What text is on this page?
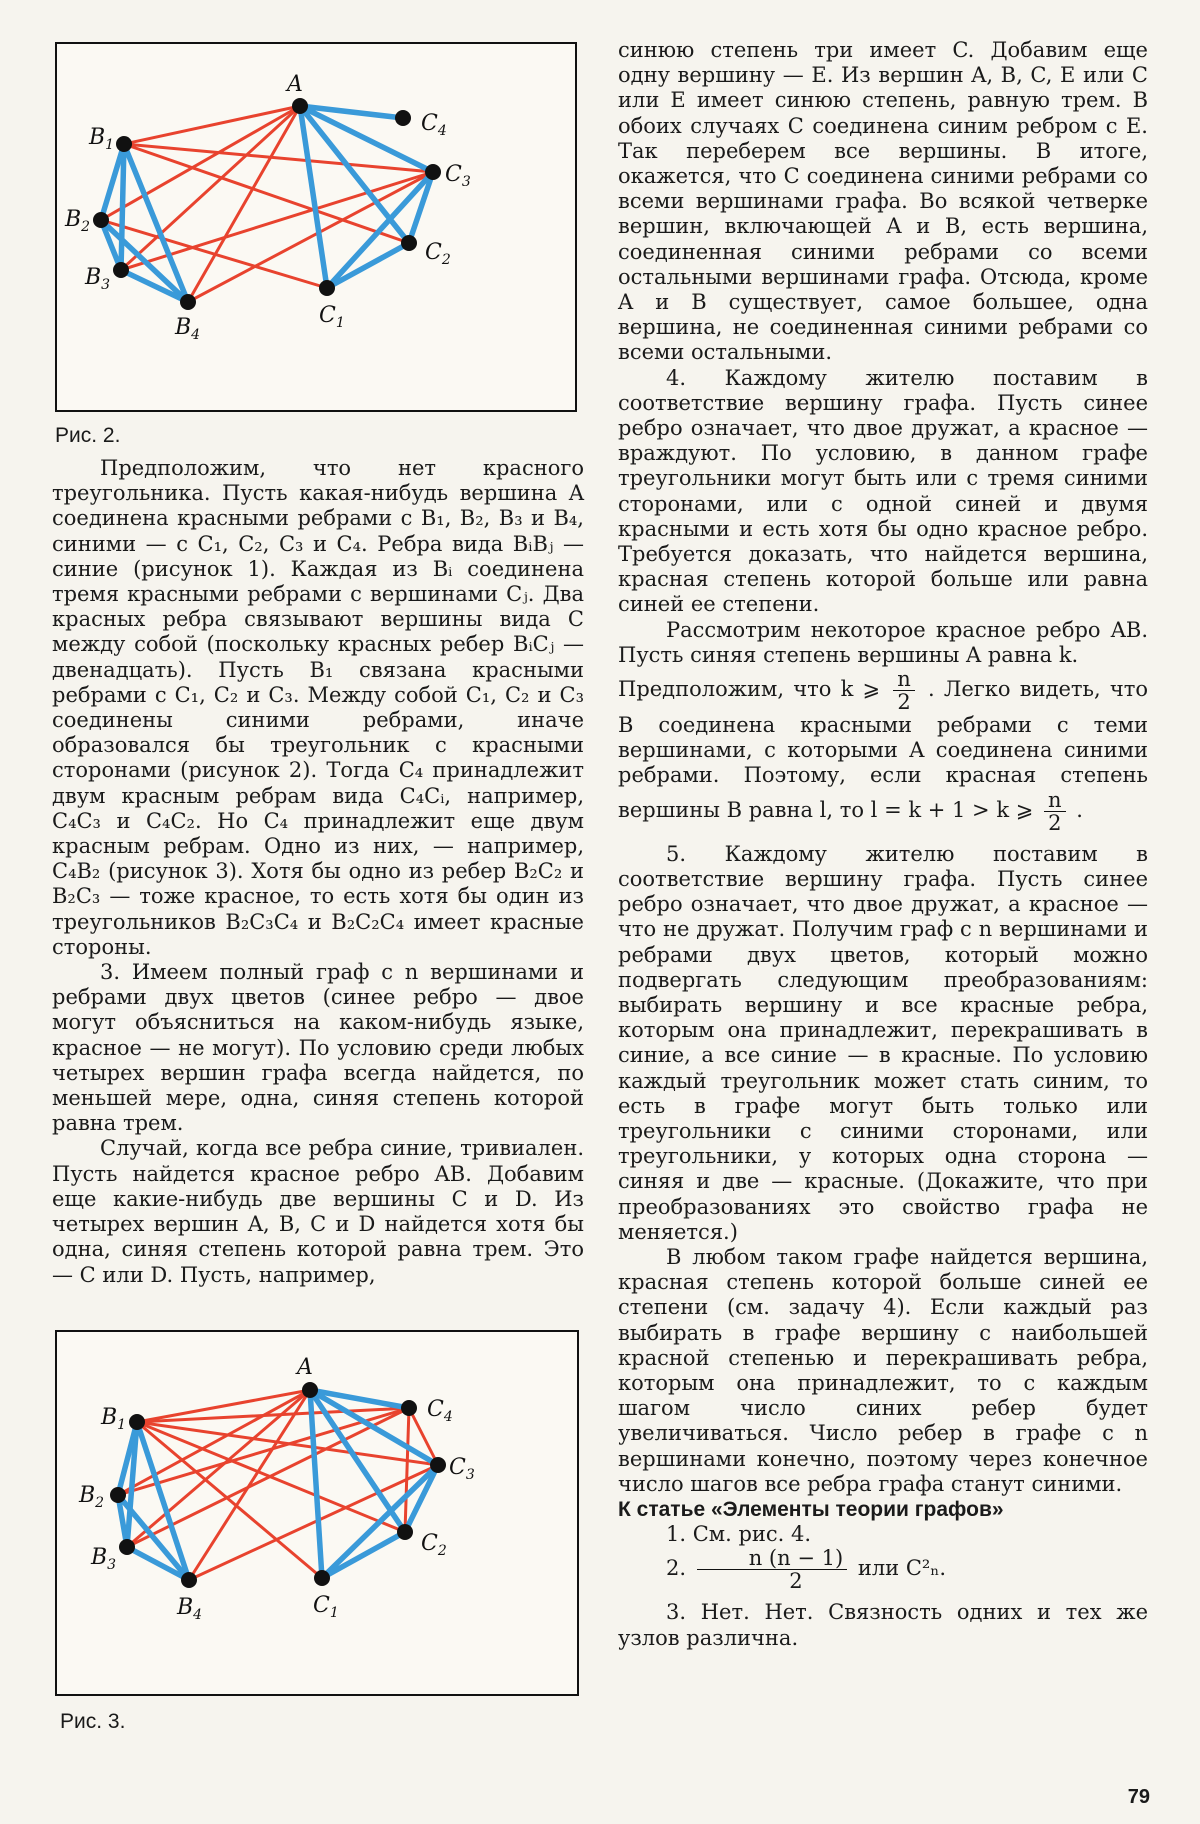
A
$B_1$
$B_2$
$B_3$
$B_4$
$C_1$
$C_2$
$C_3$
$C_4$
Рис. 2.

Предположим, что нет красного треугольника. Пусть какая-нибудь вершина A соединена красными ребрами с B₁, B₂, B₃ и B₄, синими — с C₁, C₂, C₃ и C₄. Ребра вида BᵢBⱼ — синие (рисунок 1). Каждая из Bᵢ соединена тремя красными ребрами с вершинами Cⱼ. Два красных ребра связывают вершины вида C между собой (поскольку красных ребер BᵢCⱼ — двенадцать). Пусть B₁ связана красными ребрами с C₁, C₂ и C₃. Между собой C₁, C₂ и C₃ соединены синими ребрами, иначе образовался бы треугольник с красными сторонами (рисунок 2). Тогда C₄ принадлежит двум красным ребрам вида C₄Cᵢ, например, C₄C₃ и C₄C₂. Но C₄ принадлежит еще двум красным ребрам. Одно из них, — например, C₄B₂ (рисунок 3). Хотя бы одно из ребер B₂C₂ и B₂C₃ — тоже красное, то есть хотя бы один из треугольников B₂C₃C₄ и B₂C₂C₄ имеет красные стороны.

3. Имеем полный граф с n вершинами и ребрами двух цветов (синее ребро — двое могут объясниться на каком-нибудь языке, красное — не могут). По условию среди любых четырех вершин графа всегда найдется, по меньшей мере, одна, синяя степень которой равна трем.

Случай, когда все ребра синие, тривиален. Пусть найдется красное ребро AB. Добавим еще какие-нибудь две вершины C и D. Из четырех вершин A, B, C и D найдется хотя бы одна, синяя степень которой равна трем. Это — C или D. Пусть, например,

A
$B_1$
$B_2$
$B_3$
$B_4$	$C_1$
$C_2$
$C_3$
$C_4$
Рис. 3.

синюю степень три имеет C. Добавим еще одну вершину — E. Из вершин A, B, C, E или C или E имеет синюю степень, равную трем. В обоих случаях C соединена синим ребром с E. Так переберем все вершины. В итоге, окажется, что C соединена синими ребрами со всеми вершинами графа. Во всякой четверке вершин, включающей A и B, есть вершина, соединенная синими ребрами со всеми остальными вершинами графа. Отсюда, кроме A и B существует, самое большее, одна вершина, не соединенная синими ребрами со всеми остальными.

4. Каждому жителю поставим в соответствие вершину графа. Пусть синее ребро означает, что двое дружат, а красное — враждуют. По условию, в данном графе треугольники могут быть или с тремя синими сторонами, или с одной синей и двумя красными и есть хотя бы одно красное ребро. Требуется доказать, что найдется вершина, красная степень которой больше или равна синей ее степени.

Рассмотрим некоторое красное ребро AB. Пусть синяя степень вершины A равна k.

Предположим, что k ⩾ $\frac{n}{2}$ . Легко видеть, что B соединена красными ребрами с теми вершинами, с которыми A соединена синими ребрами. Поэтому, если красная степень вершины B равна l, то l = k + 1 > k ⩾ $\frac{n}{2}$ .

5. Каждому жителю поставим в соответствие вершину графа. Пусть синее ребро означает, что двое дружат, а красное — что не дружат. Получим граф с n вершинами и ребрами двух цветов, который можно подвергать следующим преобразованиям: выбирать вершину и все красные ребра, которым она принадлежит, перекрашивать в синие, а все синие — в красные. По условию каждый треугольник может стать синим, то есть в графе могут быть только или треугольники с синими сторонами, или треугольники, у которых одна сторона — синяя и две — красные. (Докажите, что при преобразованиях это свойство графа не меняется.)

В любом таком графе найдется вершина, красная степень которой больше синей ее степени (см. задачу 4). Если каждый раз выбирать в графе вершину с наибольшей красной степенью и перекрашивать ребра, которым она принадлежит, то с каждым шагом число синих ребер будет увеличиваться. Число ребер в графе с n вершинами конечно, поэтому через конечное число шагов все ребра графа станут синими.

К статье «Элементы теории графов»

1. См. рис. 4.

2. $\frac{n (n - 1)}{2}$ или C²ₙ.

3. Нет. Нет. Связность одних и тех же узлов различна.

79
